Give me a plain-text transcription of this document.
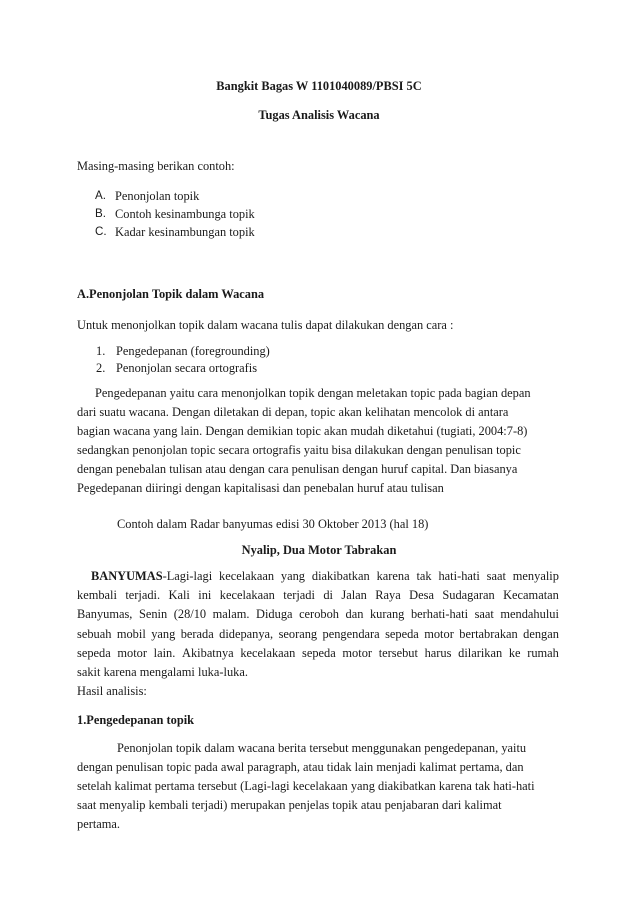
Bangkit Bagas W 1101040089/PBSI 5C
Tugas Analisis Wacana
Masing-masing berikan contoh:
A. Penonjolan topik
B. Contoh kesinambunga topik
C. Kadar kesinambungan topik
A.Penonjolan Topik dalam Wacana
Untuk menonjolkan topik dalam wacana tulis dapat dilakukan dengan cara :
1. Pengedepanan (foregrounding)
2. Penonjolan secara ortografis
Pengedepanan yaitu cara menonjolkan topik dengan meletakan topic pada bagian depan
dari suatu wacana. Dengan diletakan di depan, topic akan kelihatan mencolok di antara
bagian wacana yang lain. Dengan demikian topic akan mudah diketahui (tugiati, 2004:7-8)
sedangkan penonjolan topic secara ortografis yaitu bisa dilakukan dengan penulisan topic
dengan penebalan tulisan atau dengan cara penulisan dengan huruf capital. Dan biasanya
Pegedepanan diiringi dengan kapitalisasi dan penebalan huruf atau tulisan
Contoh dalam Radar banyumas edisi 30 Oktober 2013 (hal 18)
Nyalip, Dua Motor Tabrakan
BANYUMAS-Lagi-lagi kecelakaan yang diakibatkan karena tak hati-hati saat menyalip
kembali terjadi. Kali ini kecelakaan terjadi di Jalan Raya Desa Sudagaran Kecamatan
Banyumas, Senin (28/10 malam. Diduga ceroboh dan kurang berhati-hati saat mendahului
sebuah mobil yang berada didepanya, seorang pengendara sepeda motor bertabrakan dengan
sepeda motor lain. Akibatnya kecelakaan sepeda motor tersebut harus dilarikan ke rumah
sakit karena mengalami luka-luka.
Hasil analisis:
1.Pengedepanan topik
Penonjolan topik dalam wacana berita tersebut menggunakan pengedepanan, yaitu
dengan penulisan topic pada awal paragraph, atau tidak lain menjadi kalimat pertama, dan
setelah kalimat pertama tersebut (Lagi-lagi kecelakaan yang diakibatkan karena tak hati-hati
saat menyalip kembali terjadi) merupakan penjelas topik atau penjabaran dari kalimat
pertama.
